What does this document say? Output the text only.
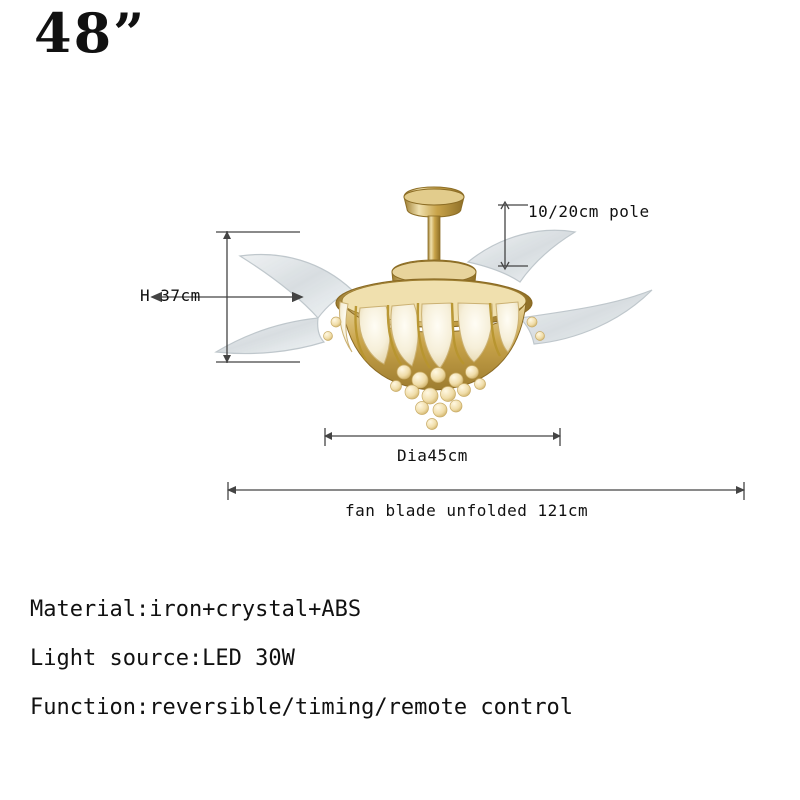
48”
H 37cm
10/20cm pole
Dia45cm
fan blade unfolded 121cm
Material:iron+crystal+ABS
Light source:LED 30W
Function:reversible/timing/remote control
